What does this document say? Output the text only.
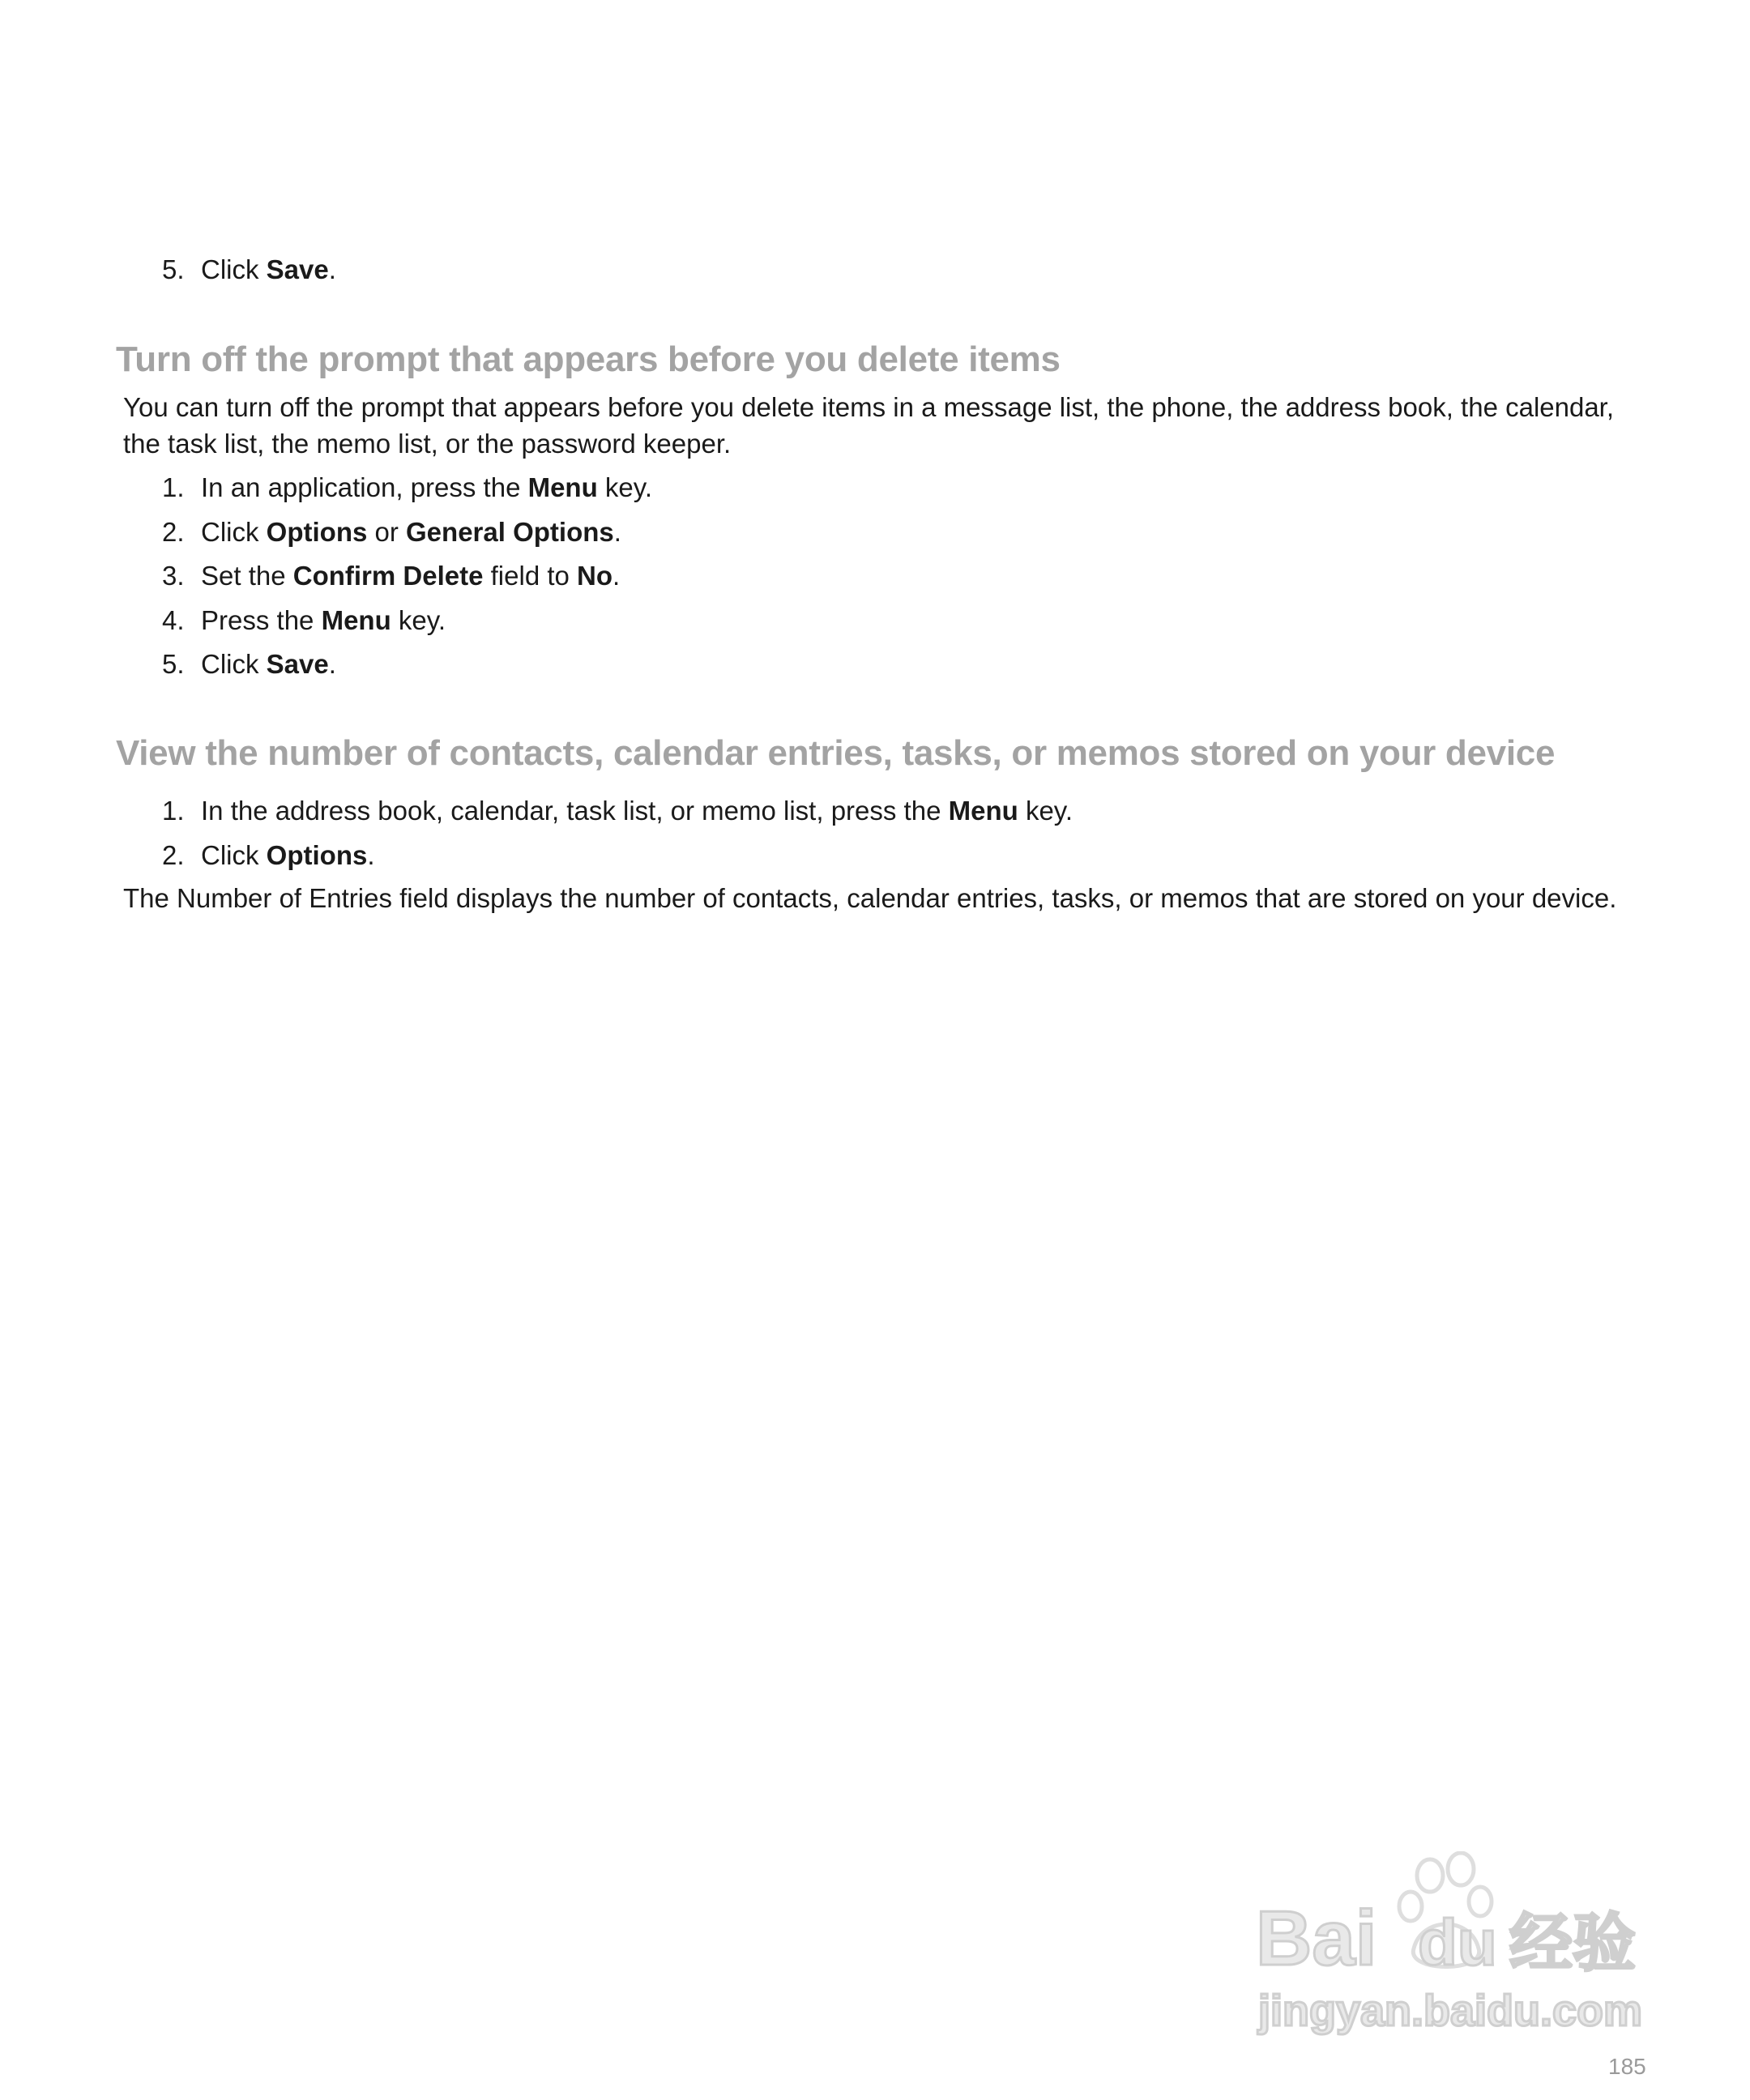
5. Click Save.
Turn off the prompt that appears before you delete items
You can turn off the prompt that appears before you delete items in a message list, the phone, the address book, the calendar, the task list, the memo list, or the password keeper.
1. In an application, press the Menu key.
2. Click Options or General Options.
3. Set the Confirm Delete field to No.
4. Press the Menu key.
5. Click Save.
View the number of contacts, calendar entries, tasks, or memos stored on your device
1. In the address book, calendar, task list, or memo list, press the Menu key.
2. Click Options.
The Number of Entries field displays the number of contacts, calendar entries, tasks, or memos that are stored on your device.
Bai du 经验
jingyan.baidu.com
185
